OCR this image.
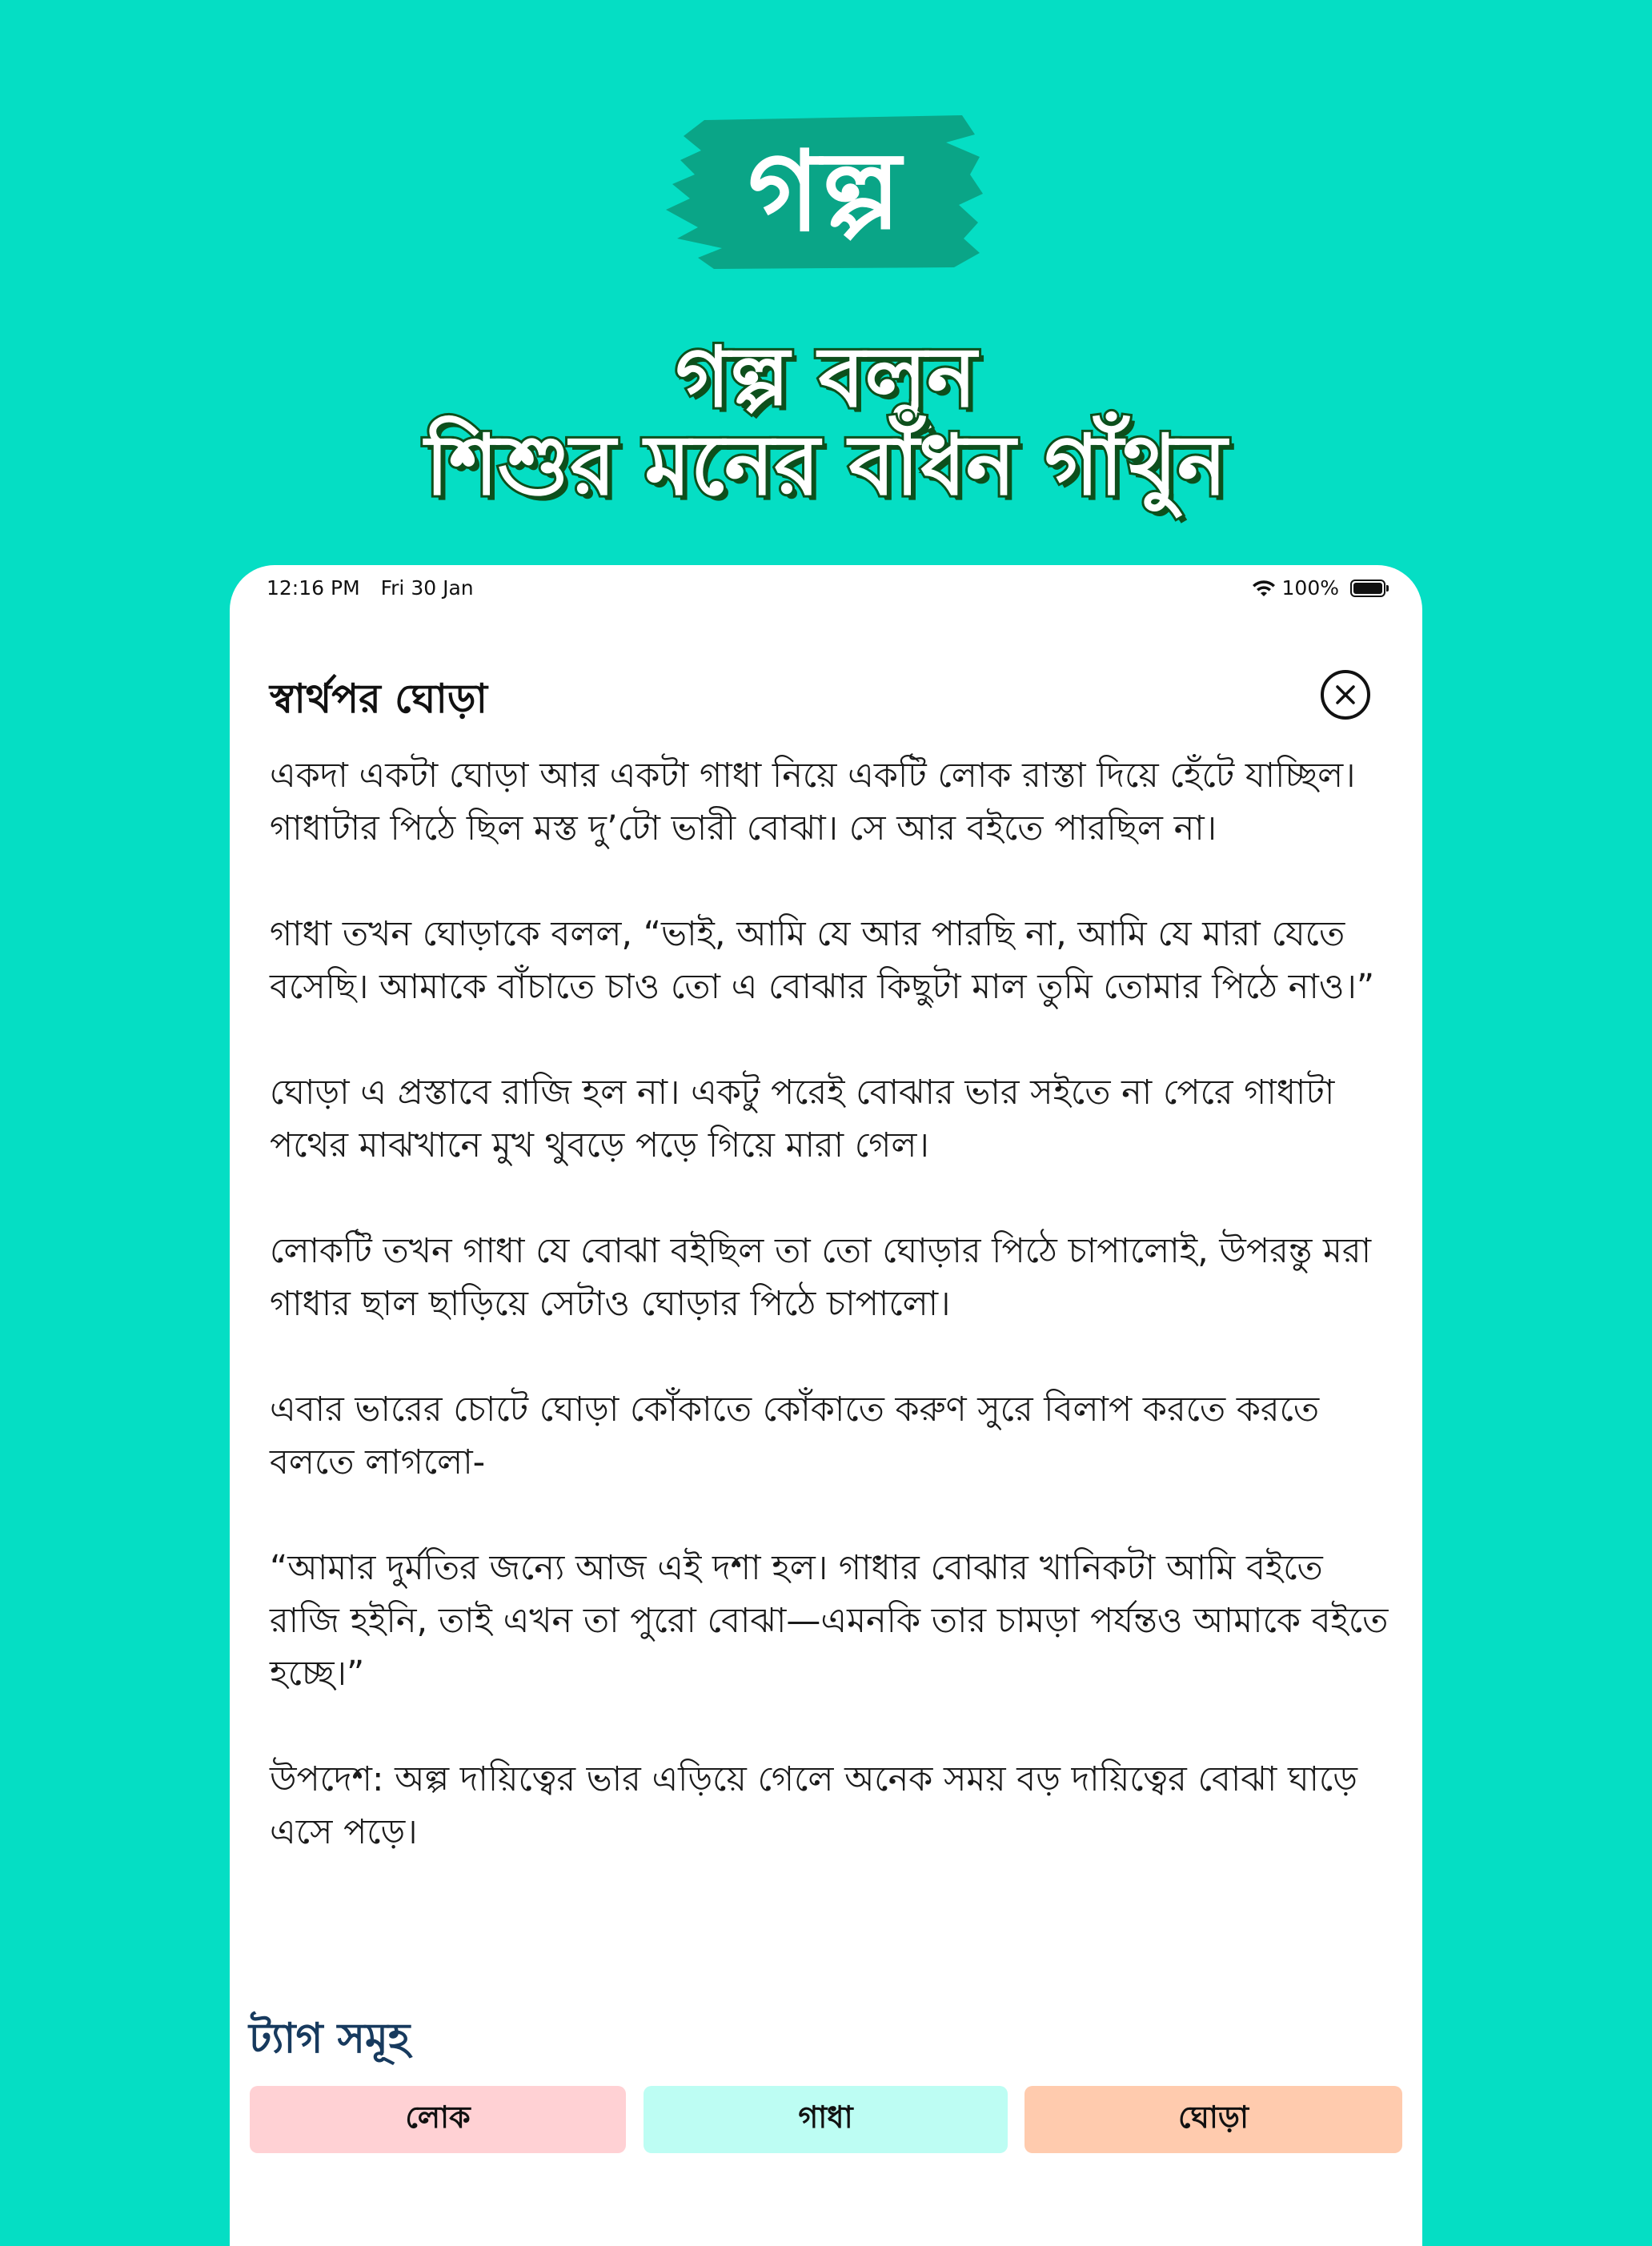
গল্প
গল্প বলুন
শিশুর মনের বাঁধন গাঁথুন
12:16 PM Fri 30 Jan	100%
স্বার্থপর ঘোড়া

একদা একটা ঘোড়া আর একটা গাধা নিয়ে একটি লোক রাস্তা দিয়ে হেঁটে যাচ্ছিল। গাধাটার পিঠে ছিল মস্ত দু’টো ভারী বোঝা। সে আর বইতে পারছিল না।

গাধা তখন ঘোড়াকে বলল, “ভাই, আমি যে আর পারছি না, আমি যে মারা যেতে বসেছি। আমাকে বাঁচাতে চাও তো এ বোঝার কিছুটা মাল তুমি তোমার পিঠে নাও।”

ঘোড়া এ প্রস্তাবে রাজি হল না। একটু পরেই বোঝার ভার সইতে না পেরে গাধাটা পথের মাঝখানে মুখ থুবড়ে পড়ে গিয়ে মারা গেল।

লোকটি তখন গাধা যে বোঝা বইছিল তা তো ঘোড়ার পিঠে চাপালোই, উপরন্তু মরা গাধার ছাল ছাড়িয়ে সেটাও ঘোড়ার পিঠে চাপালো।

এবার ভারের চোটে ঘোড়া কোঁকাতে কোঁকাতে করুণ সুরে বিলাপ করতে করতে বলতে লাগলো-

“আমার দুর্মতির জন্যে আজ এই দশা হল। গাধার বোঝার খানিকটা আমি বইতে রাজি হইনি, তাই এখন তা পুরো বোঝা—এমনকি তার চামড়া পর্যন্তও আমাকে বইতে হচ্ছে।”

উপদেশ: অল্প দায়িত্বের ভার এড়িয়ে গেলে অনেক সময় বড় দায়িত্বের বোঝা ঘাড়ে এসে পড়ে।

ট্যাগ সমূহ
লোক	গাধা	ঘোড়া
